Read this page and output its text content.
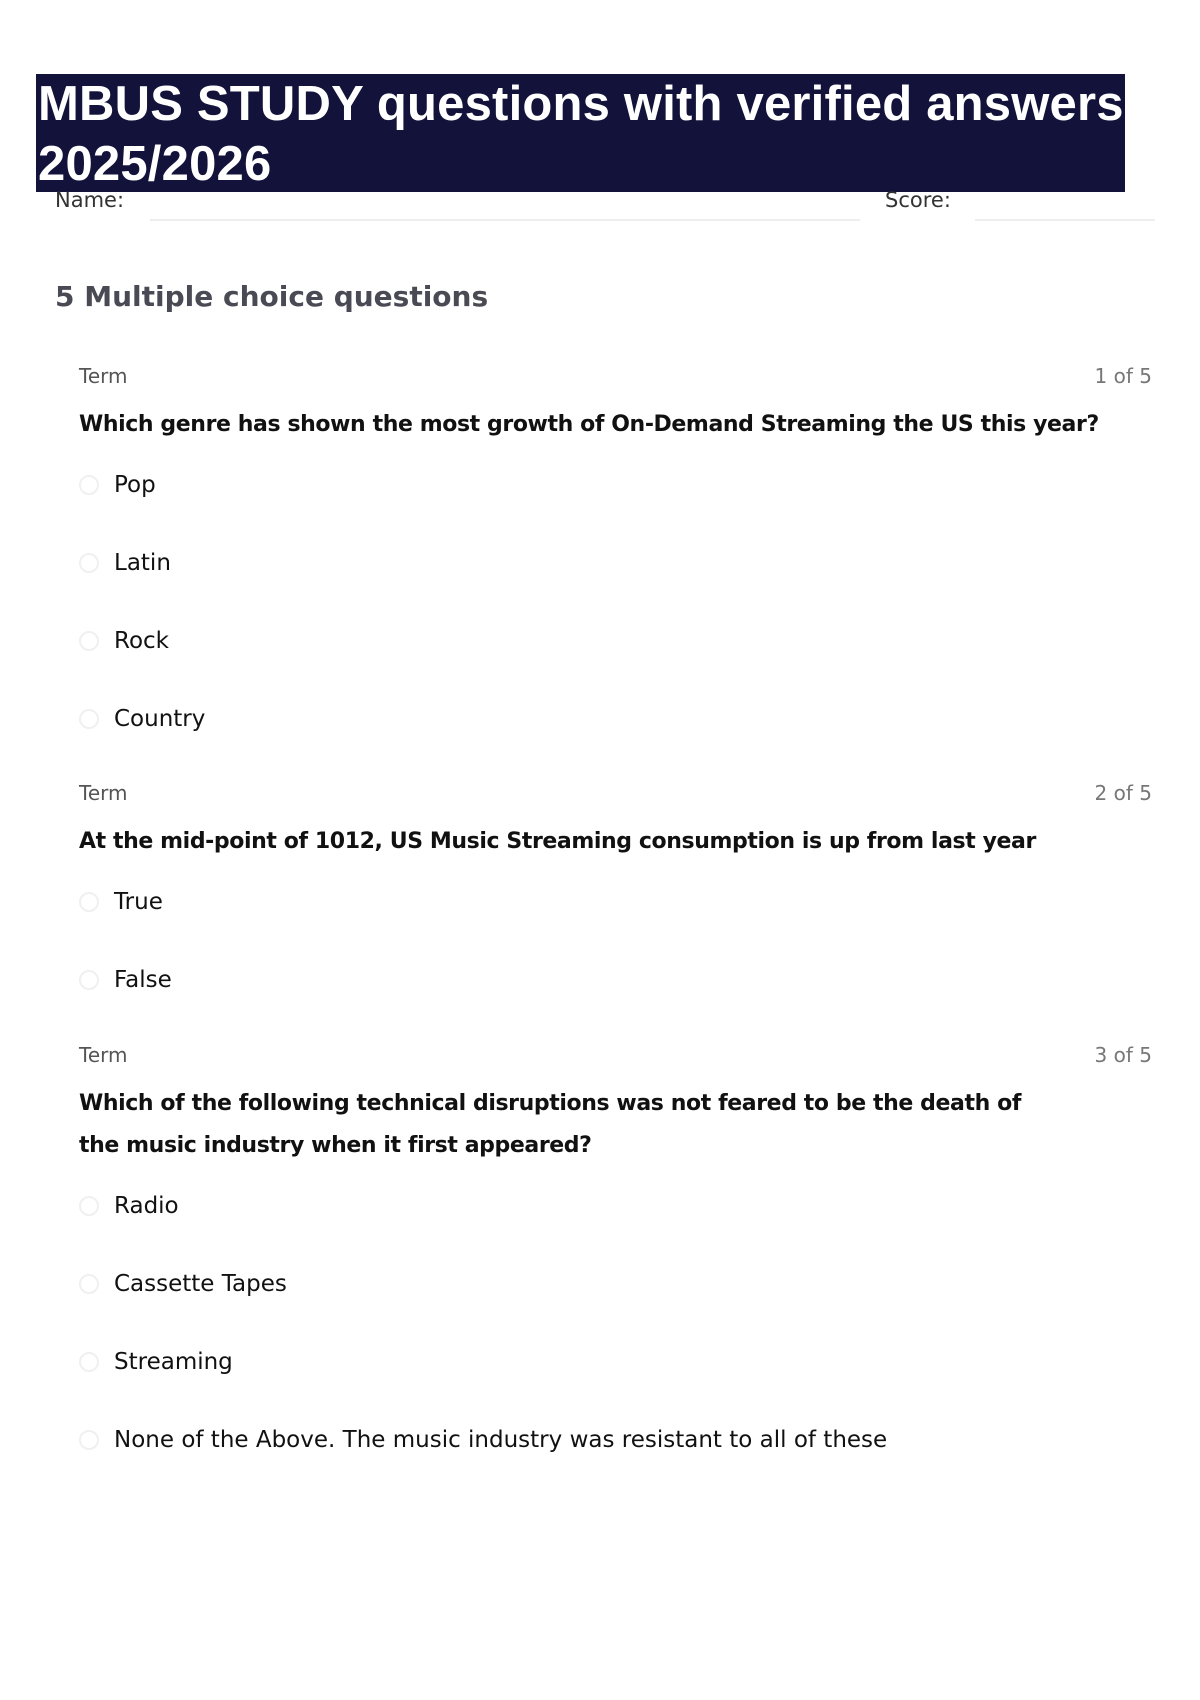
MBUS STUDY questions with verified answers 2025/2026
Name:	Score:
5 Multiple choice questions
Term	1 of 5

Which genre has shown the most growth of On-Demand Streaming the US this year?

Pop
Latin
Rock
Country
Term	2 of 5

At the mid-point of 1012, US Music Streaming consumption is up from last year

True
False
Term	3 of 5

Which of the following technical disruptions was not feared to be the death of the music industry when it first appeared?

Radio
Cassette Tapes
Streaming
None of the Above. The music industry was resistant to all of these
